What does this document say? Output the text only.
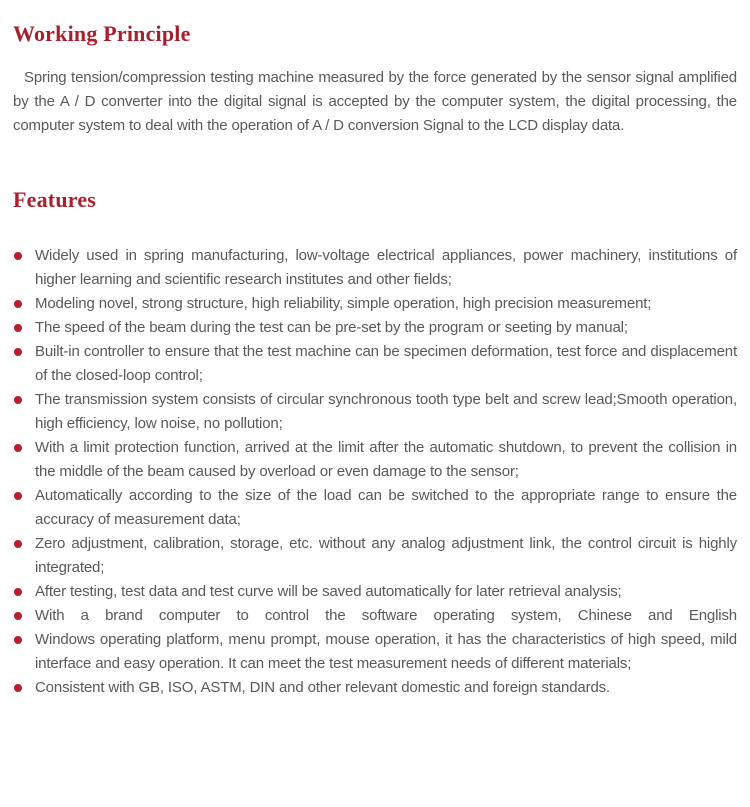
Working Principle

Spring tension/compression testing machine measured by the force generated by the sensor signal amplified by the A / D converter into the digital signal is accepted by the computer system, the digital processing, the computer system to deal with the operation of A / D conversion Signal to the LCD display data.

Features
Widely used in spring manufacturing, low-voltage electrical appliances, power machinery, institutions of higher learning and scientific research institutes and other fields;
Modeling novel, strong structure, high reliability, simple operation, high precision measurement;
The speed of the beam during the test can be pre-set by the program or seeting by manual;
Built-in controller to ensure that the test machine can be specimen deformation, test force and displacement of the closed-loop control;
The transmission system consists of circular synchronous tooth type belt and screw lead;Smooth operation, high efficiency, low noise, no pollution;
With a limit protection function, arrived at the limit after the automatic shutdown, to prevent the collision in the middle of the beam caused by overload or even damage to the sensor;
Automatically according to the size of the load can be switched to the appropriate range to ensure the accuracy of measurement data;
Zero adjustment, calibration, storage, etc. without any analog adjustment link, the control circuit is highly integrated;
After testing, test data and test curve will be saved automatically for later retrieval analysis;
With a brand computer to control the software operating system, Chinese and English
Windows operating platform, menu prompt, mouse operation, it has the characteristics of high speed, mild interface and easy operation. It can meet the test measurement needs of different materials;
Consistent with GB, ISO, ASTM, DIN and other relevant domestic and foreign standards.
